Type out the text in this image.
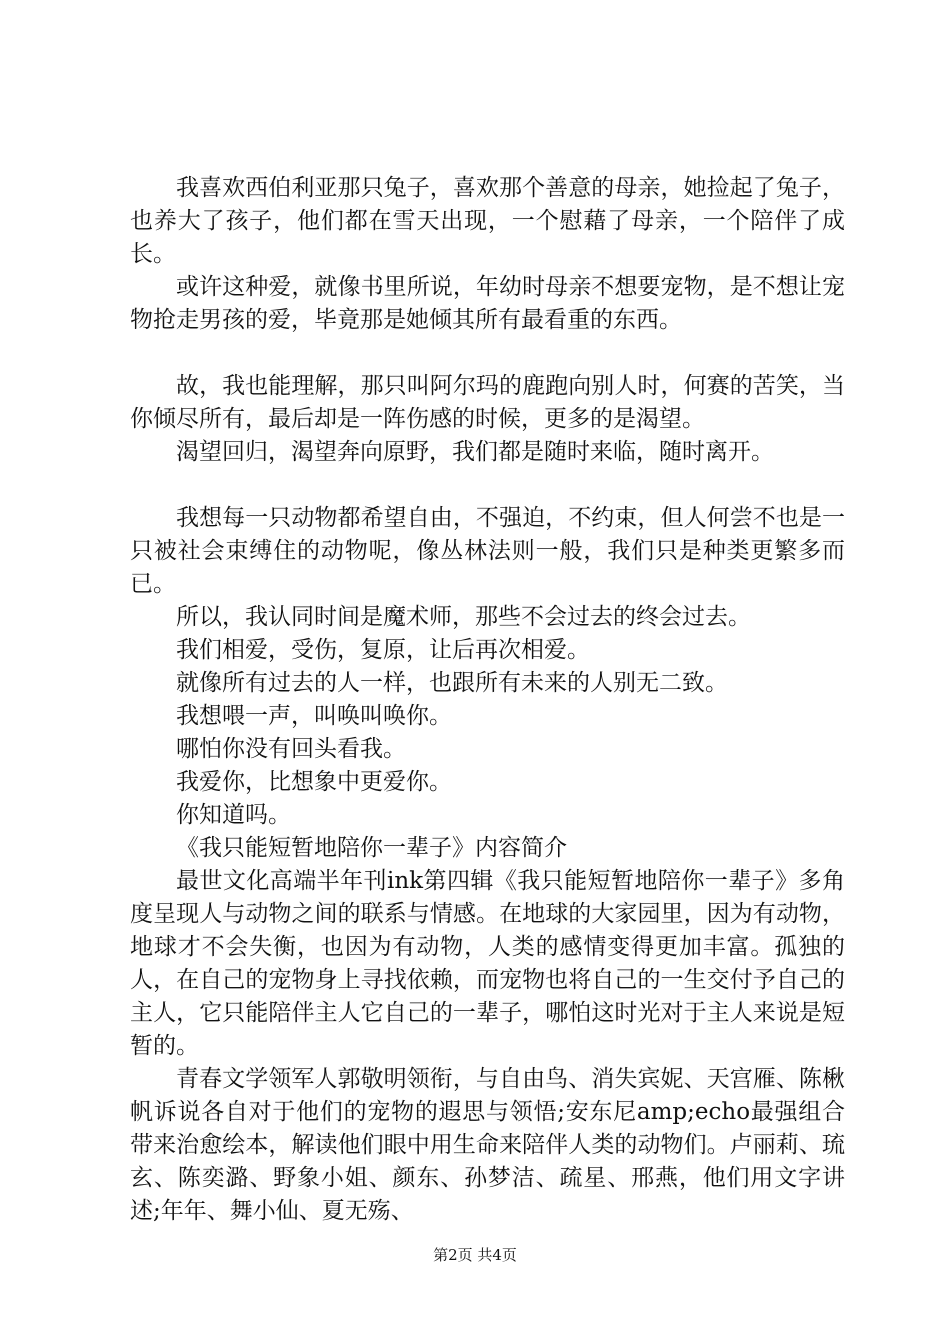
我喜欢西伯利亚那只兔子，喜欢那个善意的母亲，她捡起了兔子，也养大了孩子，他们都在雪天出现，一个慰藉了母亲，一个陪伴了成长。

或许这种爱，就像书里所说，年幼时母亲不想要宠物，是不想让宠物抢走男孩的爱，毕竟那是她倾其所有最看重的东西。

故，我也能理解，那只叫阿尔玛的鹿跑向别人时，何赛的苦笑，当你倾尽所有，最后却是一阵伤感的时候，更多的是渴望。

渴望回归，渴望奔向原野，我们都是随时来临，随时离开。

我想每一只动物都希望自由，不强迫，不约束，但人何尝不也是一只被社会束缚住的动物呢，像丛林法则一般，我们只是种类更繁多而已。

所以，我认同时间是魔术师，那些不会过去的终会过去。

我们相爱，受伤，复原，让后再次相爱。

就像所有过去的人一样，也跟所有未来的人别无二致。

我想喂一声，叫唤叫唤你。

哪怕你没有回头看我。

我爱你，比想象中更爱你。

你知道吗。

《我只能短暂地陪你一辈子》内容简介

最世文化高端半年刊ink第四辑《我只能短暂地陪你一辈子》多角度呈现人与动物之间的联系与情感。在地球的大家园里，因为有动物，地球才不会失衡，也因为有动物，人类的感情变得更加丰富。孤独的人，在自己的宠物身上寻找依赖，而宠物也将自己的一生交付予自己的主人，它只能陪伴主人它自己的一辈子，哪怕这时光对于主人来说是短暂的。

青春文学领军人郭敬明领衔，与自由鸟、消失宾妮、天宫雁、陈楸帆诉说各自对于他们的宠物的遐思与领悟;安东尼amp;echo最强组合带来治愈绘本，解读他们眼中用生命来陪伴人类的动物们。卢丽莉、琉玄、陈奕潞、野象小姐、颜东、孙梦洁、疏星、邢燕，他们用文字讲述;年年、舞小仙、夏无殇、

第2页 共4页
